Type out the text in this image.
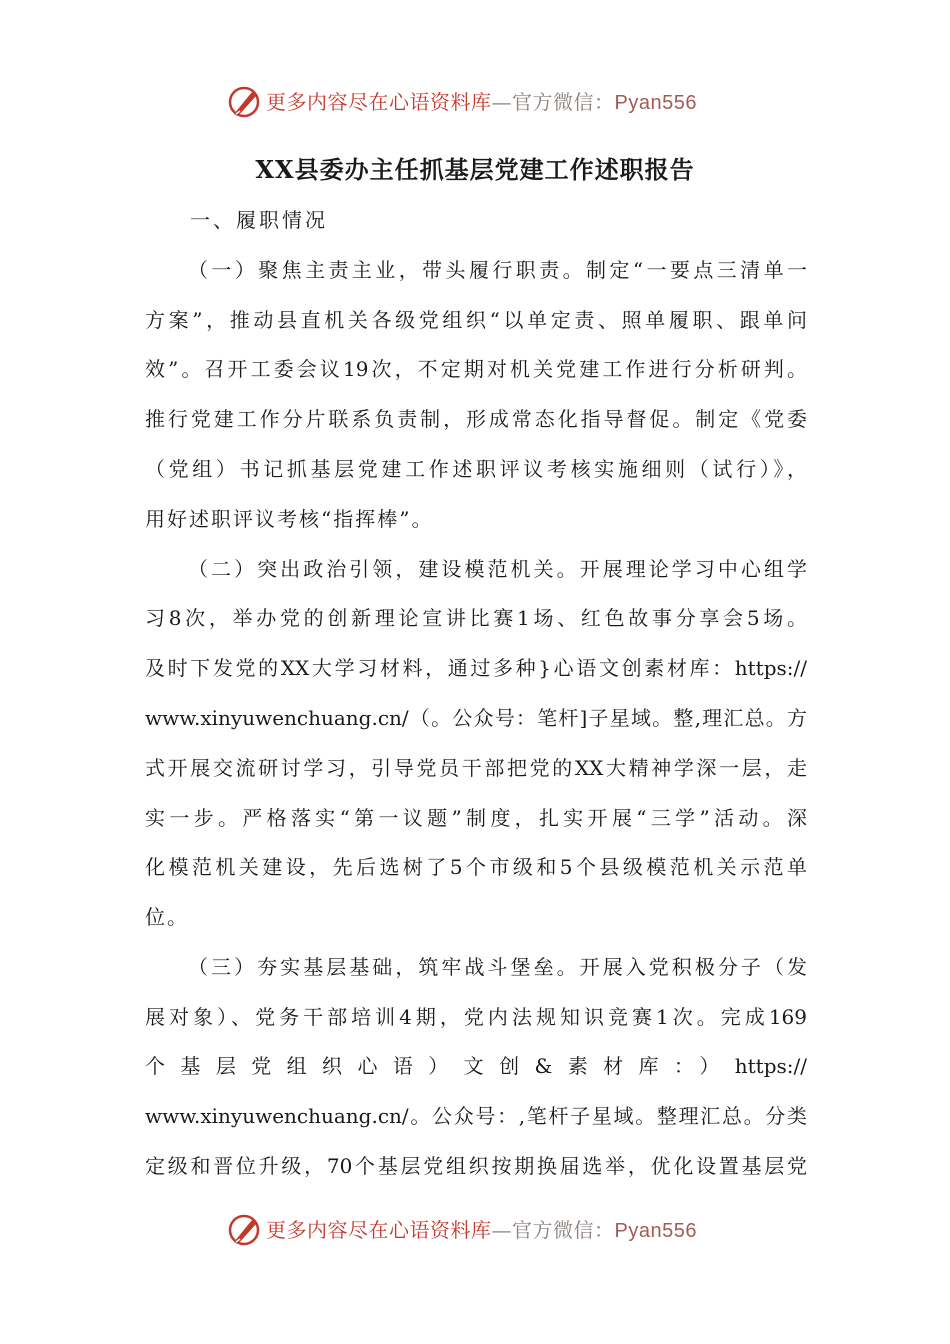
更多内容尽在心语资料库—官方微信：Pyan556
XX县委办主任抓基层党建工作述职报告
一、履职情况
（一）聚焦主责主业，带头履行职责。制定“一要点三清单一
方案”，推动县直机关各级党组织“以单定责、照单履职、跟单问
效”。召开工委会议19次，不定期对机关党建工作进行分析研判。
推行党建工作分片联系负责制，形成常态化指导督促。制定《党委
（党组）书记抓基层党建工作述职评议考核实施细则（试行）》，
用好述职评议考核“指挥棒”。
（二）突出政治引领，建设模范机关。开展理论学习中心组学
习8次，举办党的创新理论宣讲比赛1场、红色故事分享会5场。
及时下发党的XX大学习材料，通过多种}心语文创素材库：https://
www.xinyuwenchuang.cn/（。公众号：笔杆]子星域。整,理汇总。方
式开展交流研讨学习，引导党员干部把党的XX大精神学深一层，走
实一步。严格落实“第一议题”制度，扎实开展“三学”活动。深
化模范机关建设，先后选树了5个市级和5个县级模范机关示范单
位。
（三）夯实基层基础，筑牢战斗堡垒。开展入党积极分子（发
展对象）、党务干部培训4期，党内法规知识竞赛1次。完成169
个基层党组织心语）文创&素材库：）https://
www.xinyuwenchuang.cn/。公众号：,笔杆子星域。整理汇总。分类
定级和晋位升级，70个基层党组织按期换届选举，优化设置基层党
更多内容尽在心语资料库—官方微信：Pyan556
